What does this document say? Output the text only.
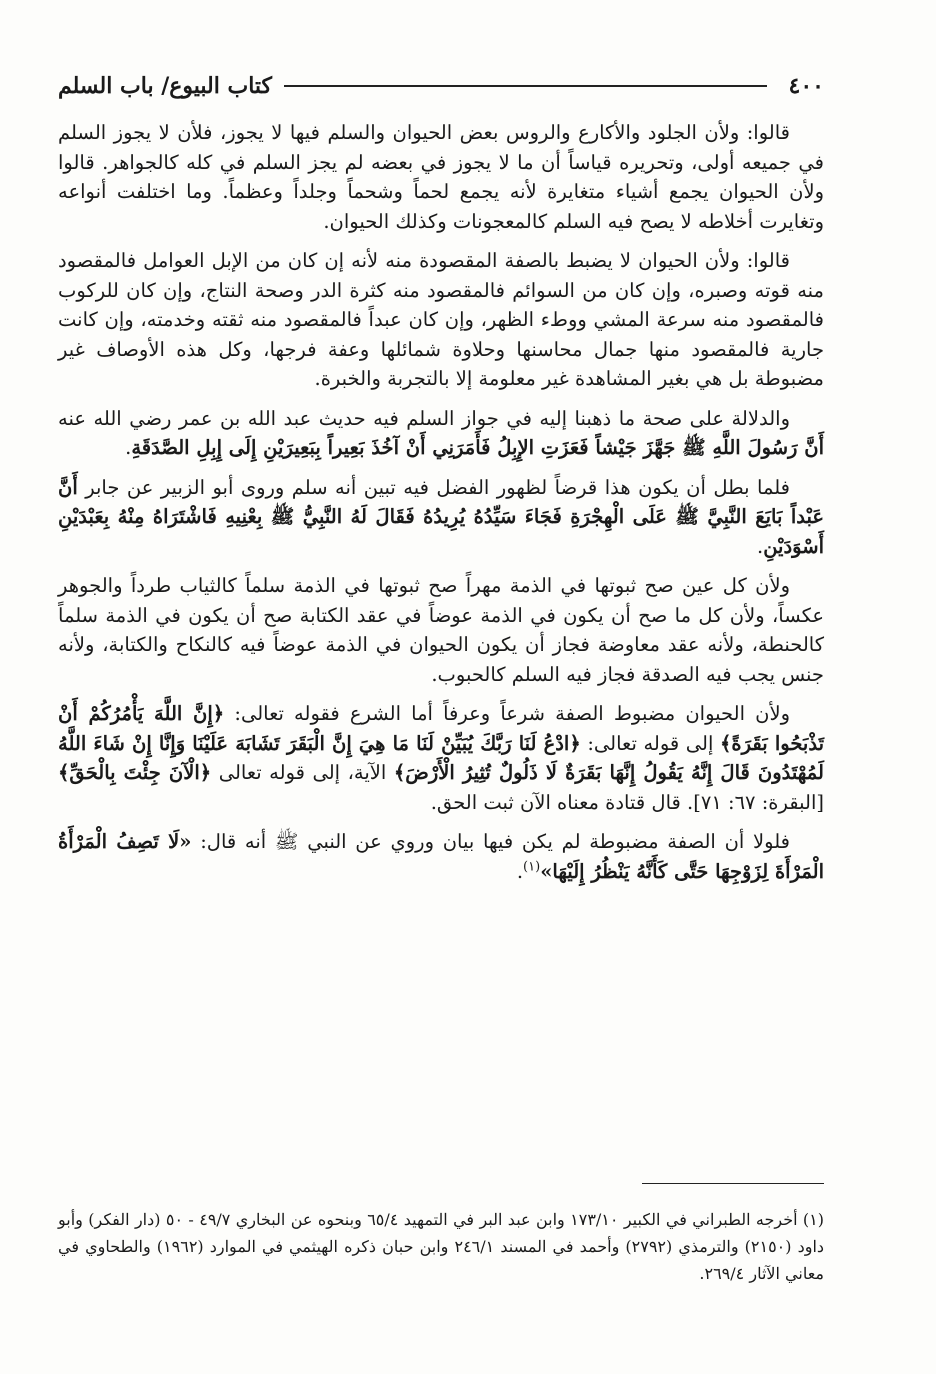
٤٠٠
كتاب البيوع/ باب السلم

قالوا: ولأن الجلود والأكارع والروس بعض الحيوان والسلم فيها لا يجوز، فلأن لا يجوز السلم في جميعه أولى، وتحريره قياساً أن ما لا يجوز في بعضه لم يجز السلم في كله كالجواهر. قالوا ولأن الحيوان يجمع أشياء متغايرة لأنه يجمع لحماً وشحماً وجلداً وعظماً. وما اختلفت أنواعه وتغايرت أخلاطه لا يصح فيه السلم كالمعجونات وكذلك الحيوان.

قالوا: ولأن الحيوان لا يضبط بالصفة المقصودة منه لأنه إن كان من الإبل العوامل فالمقصود منه قوته وصبره، وإن كان من السوائم فالمقصود منه كثرة الدر وصحة النتاج، وإن كان للركوب فالمقصود منه سرعة المشي ووطء الظهر، وإن كان عبداً فالمقصود منه ثقته وخدمته، وإن كانت جارية فالمقصود منها جمال محاسنها وحلاوة شمائلها وعفة فرجها، وكل هذه الأوصاف غير مضبوطة بل هي بغير المشاهدة غير معلومة إلا بالتجربة والخبرة.

والدلالة على صحة ما ذهبنا إليه في جواز السلم فيه حديث عبد الله بن عمر رضي الله عنه أَنَّ رَسُولَ اللَّهِ ﷺ جَهَّزَ جَيْشاً فَعَزَتِ الإِبِلُ فَأَمَرَنِي أَنْ آخُذَ بَعِيراً بِبَعِيرَيْنِ إِلَى إِبِلِ الصَّدَقَةِ.

فلما بطل أن يكون هذا قرضاً لظهور الفضل فيه تبين أنه سلم وروى أبو الزبير عن جابر أَنَّ عَبْداً بَايَعَ النَّبِيَّ ﷺ عَلَى الْهِجْرَةِ فَجَاءَ سَيِّدُهُ يُرِيدُهُ فَقَالَ لَهُ النَّبِيُّ ﷺ بِعْنِيهِ فَاشْتَرَاهُ مِنْهُ بِعَبْدَيْنِ أَسْوَدَيْنِ.

ولأن كل عين صح ثبوتها في الذمة مهراً صح ثبوتها في الذمة سلماً كالثياب طرداً والجوهر عكساً، ولأن كل ما صح أن يكون في الذمة عوضاً في عقد الكتابة صح أن يكون في الذمة سلماً كالحنطة، ولأنه عقد معاوضة فجاز أن يكون الحيوان في الذمة عوضاً فيه كالنكاح والكتابة، ولأنه جنس يجب فيه الصدقة فجاز فيه السلم كالحبوب.

ولأن الحيوان مضبوط الصفة شرعاً وعرفاً أما الشرع فقوله تعالى: ﴿إِنَّ اللَّهَ يَأْمُرُكُمْ أَنْ تَذْبَحُوا بَقَرَةً﴾ إلى قوله تعالى: ﴿ادْعُ لَنَا رَبَّكَ يُبَيِّنْ لَنَا مَا هِيَ إِنَّ الْبَقَرَ تَشَابَهَ عَلَيْنَا وَإِنَّا إِنْ شَاءَ اللَّهُ لَمُهْتَدُونَ قَالَ إِنَّهُ يَقُولُ إِنَّهَا بَقَرَةٌ لَا ذَلُولٌ تُثِيرُ الْأَرْضَ﴾ الآية، إلى قوله تعالى ﴿الْآنَ جِئْتَ بِالْحَقِّ﴾ [البقرة: ٦٧: ٧١]. قال قتادة معناه الآن ثبت الحق.

فلولا أن الصفة مضبوطة لم يكن فيها بيان وروي عن النبي ﷺ أنه قال: «لَا تَصِفُ الْمَرْأَةُ الْمَرْأَةَ لِزَوْجِهَا حَتَّى كَأَنَّهُ يَنْظُرُ إِلَيْهَا»$^{(١)}$.

(١) أخرجه الطبراني في الكبير ١٧٣/١٠ وابن عبد البر في التمهيد ٦٥/٤ وبنحوه عن البخاري ٤٩/٧ - ٥٠ (دار الفكر) وأبو داود (٢١٥٠) والترمذي (٢٧٩٢) وأحمد في المسند ٢٤٦/١ وابن حبان ذكره الهيثمي في الموارد (١٩٦٢) والطحاوي في معاني الآثار ٢٦٩/٤.
